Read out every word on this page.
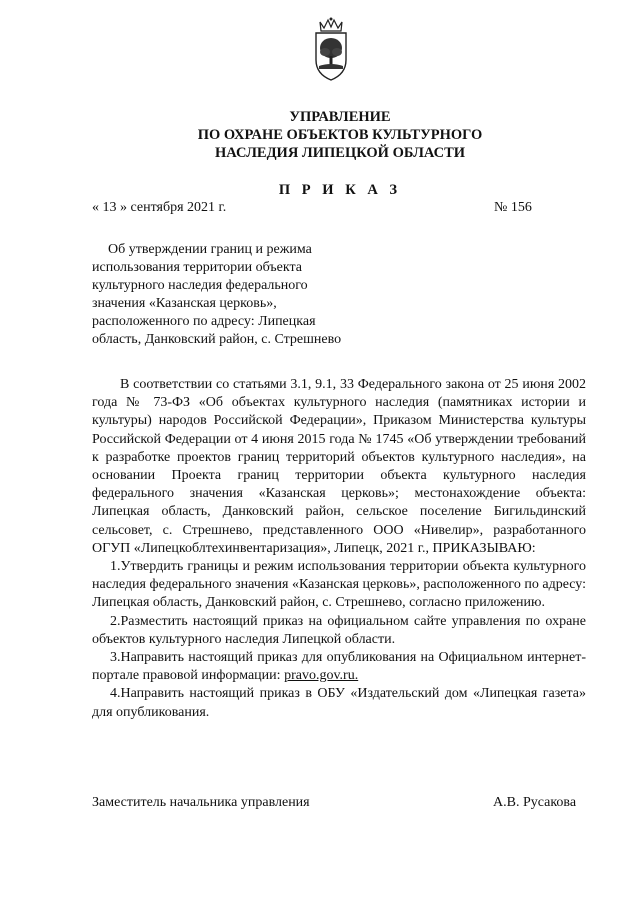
УПРАВЛЕНИЕ
ПО ОХРАНЕ ОБЪЕКТОВ КУЛЬТУРНОГО
НАСЛЕДИЯ ЛИПЕЦКОЙ ОБЛАСТИ
П Р И К А З
« 13 » сентября 2021 г.	№ 156
Об утверждении границ и режима
использования территории объекта
культурного наследия федерального
значения «Казанская церковь»,
расположенного по адресу: Липецкая
область, Данковский район, с. Стрешнево

В соответствии со статьями 3.1, 9.1, 33 Федерального закона от 25 июня 2002 года № 73-ФЗ «Об объектах культурного наследия (памятниках истории и культуры) народов Российской Федерации», Приказом Министерства культуры Российской Федерации от 4 июня 2015 года № 1745 «Об утверждении требований к разработке проектов границ территорий объектов культурного наследия», на основании Проекта границ территории объекта культурного наследия федерального значения «Казанская церковь»; местонахождение объекта: Липецкая область, Данковский район, сельское поселение Бигильдинский сельсовет, с. Стрешнево, представленного ООО «Нивелир», разработанного ОГУП «Липецкоблтехинвентаризация», Липецк, 2021 г., ПРИКАЗЫВАЮ:

1.Утвердить границы и режим использования территории объекта культурного наследия федерального значения «Казанская церковь», расположенного по адресу: Липецкая область, Данковский район, с. Стрешнево, согласно приложению.

2.Разместить настоящий приказ на официальном сайте управления по охране объектов культурного наследия Липецкой области.

3.Направить настоящий приказ для опубликования на Официальном интернет-портале правовой информации: pravo.gov.ru.

4.Направить настоящий приказ в ОБУ «Издательский дом «Липецкая газета» для опубликования.

Заместитель начальника управления	А.В. Русакова
